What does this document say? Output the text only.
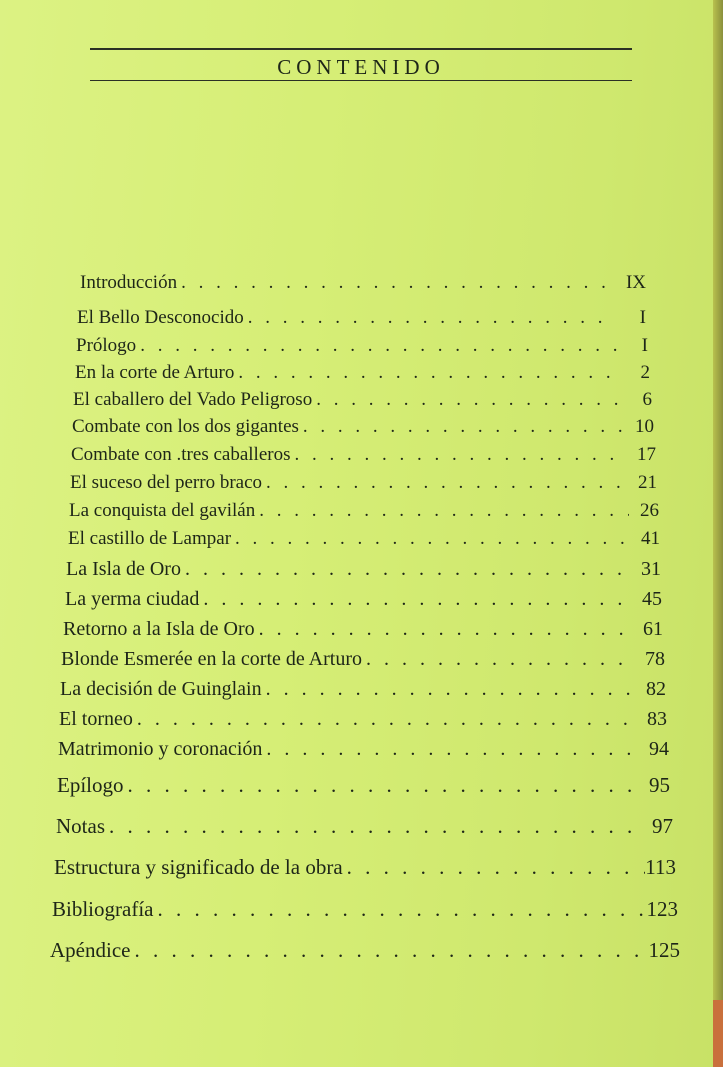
CONTENIDO
Introducción . . .	IX
El Bello Desconocido . . .	I
Prólogo . . .	I
En la corte de Arturo . . .	2
El caballero del Vado Peligroso . . .	6
Combate con los dos gigantes . . .	10
Combate con .tres caballeros . . .	17
El suceso del perro braco . . .	21
La conquista del gavilán . . .	26
El castillo de Lampar . . .	41
La Isla de Oro . . .	31
La yerma ciudad . . .	45
Retorno a la Isla de Oro . . .	61
Blonde Esmerée en la corte de Arturo . . .	78
La decisión de Guinglain . . .	82
El torneo . . .	83
Matrimonio y coronación . . .	94
Epílogo . . .	95
Notas . . .	97
Estructura y significado de la obra . . .	113
Bibliografía . . .	123
Apéndice . . .	125
